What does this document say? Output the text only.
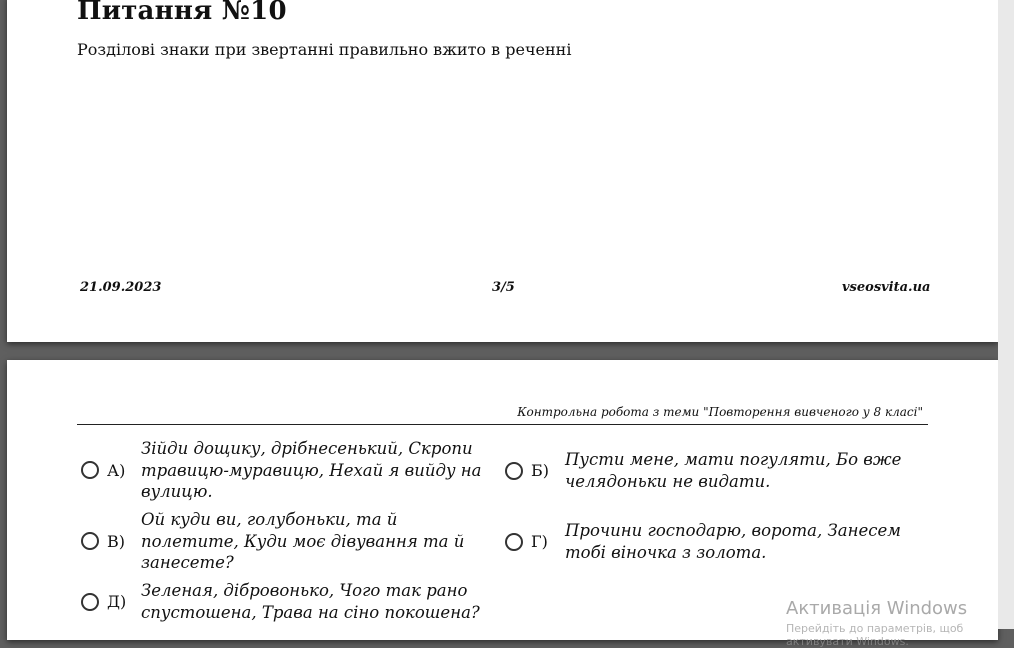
Питання №10
Розділові знаки при звертанні правильно вжито в реченні
21.09.2023	3/5	vseosvita.ua
Контрольна робота з теми "Повторення вивченого у 8 класі"
А)
Зійди дощику, дрібнесенький, Скропи травицю-муравицю, Нехай я вийду на вулицю.
Б)
Пусти мене, мати погуляти, Бо вже челядоньки не видати.
В)
Ой куди ви, голубоньки, та й полетите, Куди моє дівування та й занесете?
Г)
Прочини господарю, ворота, Занесем тобі віночка з золота.
Д)
Зеленая, дібровонько, Чого так рано спустошена, Трава на сіно покошена?	Активація Windows
Перейдіть до параметрів, щоб активувати Windows.
